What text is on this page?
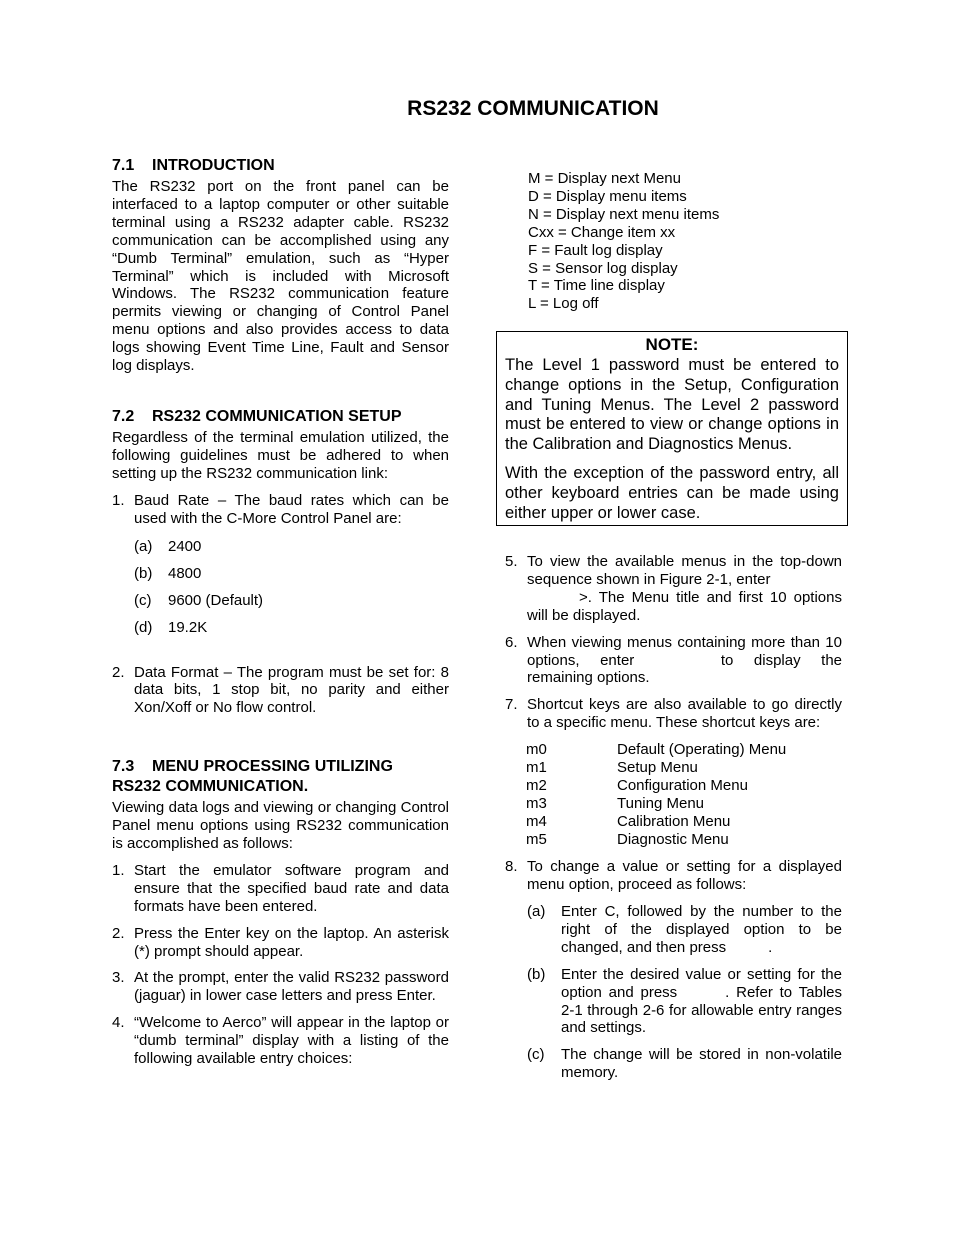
RS232 COMMUNICATION
7.1 INTRODUCTION

The RS232 port on the front panel can be interfaced to a laptop computer or other suitable terminal using a RS232 adapter cable. RS232 communication can be accomplished using any “Dumb Terminal” emulation, such as “Hyper Terminal” which is included with Microsoft Windows. The RS232 communication feature permits viewing or changing of Control Panel menu options and also provides access to data logs showing Event Time Line, Fault and Sensor log displays.

7.2 RS232 COMMUNICATION SETUP

Regardless of the terminal emulation utilized, the following guidelines must be adhered to when setting up the RS232 communication link:

1. Baud Rate – The baud rates which can be used with the C-More Control Panel are:
(a) 2400
(b) 4800
(c) 9600 (Default)
(d) 19.2K
2. Data Format – The program must be set for: 8 data bits, 1 stop bit, no parity and either Xon/Xoff or No flow control.
7.3 MENU PROCESSING UTILIZING
RS232 COMMUNICATION.

Viewing data logs and viewing or changing Control Panel menu options using RS232 communication is accomplished as follows:

1. Start the emulator software program and ensure that the specified baud rate and data formats have been entered.
2. Press the Enter key on the laptop. An asterisk (*) prompt should appear.
3. At the prompt, enter the valid RS232 password (jaguar) in lower case letters and press Enter.
4. “Welcome to Aerco” will appear in the laptop or “dumb terminal” display with a listing of the following available entry choices:
M = Display next Menu
D = Display menu items
N = Display next menu items
Cxx = Change item xx
F = Fault log display
S = Sensor log display
T = Time line display
L = Log off
NOTE:

The Level 1 password must be entered to change options in the Setup, Configuration and Tuning Menus. The Level 2 password must be entered to view or change options in the Calibration and Diagnostics Menus.

With the exception of the password entry, all other keyboard entries can be made using either upper or lower case.

5. To view the available menus in the top-down sequence shown in Figure 2-1, enter
>. The Menu title and first 10 options will be displayed.
6. When viewing menus containing more than 10 options, enter	to display the remaining options.
7. Shortcut keys are also available to go directly to a specific menu. These shortcut keys are:
m0	Default (Operating) Menu
m1	Setup Menu
m2	Configuration Menu
m3	Tuning Menu
m4	Calibration Menu
m5	Diagnostic Menu
8. To change a value or setting for a displayed menu option, proceed as follows:
(a) Enter C, followed by the number to the right of the displayed option to be changed, and then press	.
(b) Enter the desired value or setting for the option and press	. Refer to Tables 2-1 through 2-6 for allowable entry ranges and settings.
(c) The change will be stored in non-volatile memory.
